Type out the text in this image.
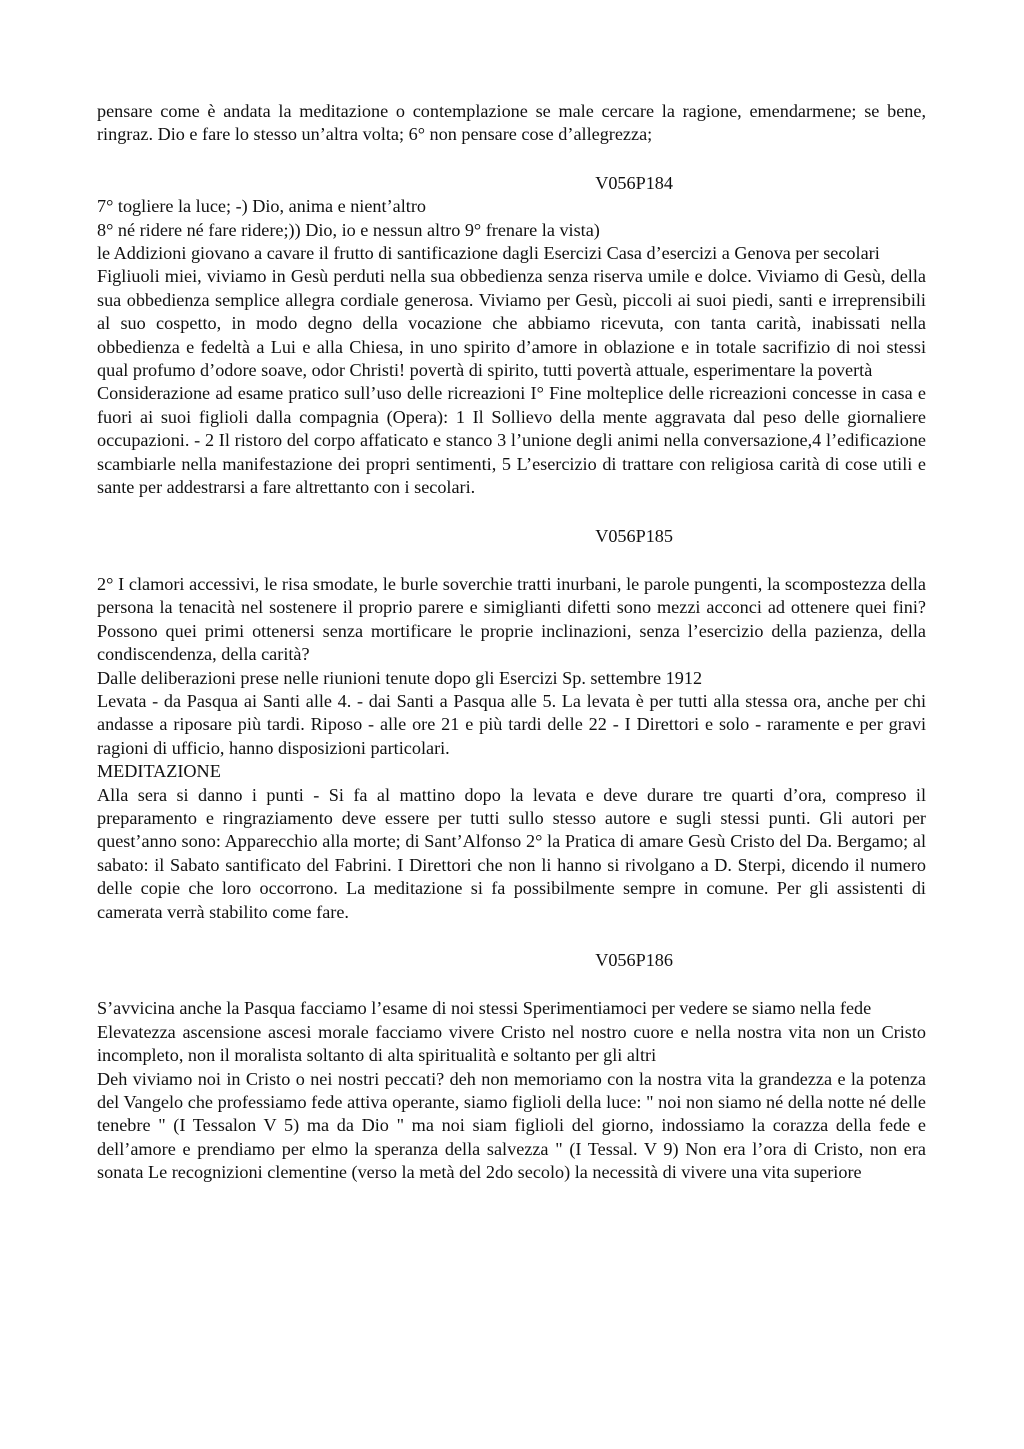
pensare come è andata la meditazione o contemplazione se male cercare la ragione, emendarmene; se bene, ringraz. Dio e fare lo stesso un’altra volta; 6° non pensare cose d’allegrezza;

V056P184

7° togliere la luce; -) Dio, anima e nient’altro

8° né ridere né fare ridere;)) Dio, io e nessun altro 9° frenare la vista)

le Addizioni giovano a cavare il frutto di santificazione dagli Esercizi Casa d’esercizi a Genova per secolari

Figliuoli miei, viviamo in Gesù perduti nella sua obbedienza senza riserva umile e dolce. Viviamo di Gesù, della sua obbedienza semplice allegra cordiale generosa. Viviamo per Gesù, piccoli ai suoi piedi, santi e irreprensibili al suo cospetto, in modo degno della vocazione che abbiamo ricevuta, con tanta carità, inabissati nella obbedienza e fedeltà a Lui e alla Chiesa, in uno spirito d’amore in oblazione e in totale sacrifizio di noi stessi qual profumo d’odore soave, odor Christi! povertà di spirito, tutti povertà attuale, esperimentare la povertà

Considerazione ad esame pratico sull’uso delle ricreazioni I° Fine molteplice delle ricreazioni concesse in casa e fuori ai suoi figlioli dalla compagnia (Opera): 1 Il Sollievo della mente aggravata dal peso delle giornaliere occupazioni. - 2 Il ristoro del corpo affaticato e stanco 3 l’unione degli animi nella conversazione,4 l’edificazione scambiarle nella manifestazione dei propri sentimenti, 5 L’esercizio di trattare con religiosa carità di cose utili e sante per addestrarsi a fare altrettanto con i secolari.

V056P185

2° I clamori accessivi, le risa smodate, le burle soverchie tratti inurbani, le parole pungenti, la scompostezza della persona la tenacità nel sostenere il proprio parere e simiglianti difetti sono mezzi acconci ad ottenere quei fini? Possono quei primi ottenersi senza mortificare le proprie inclinazioni, senza l’esercizio della pazienza, della condiscendenza, della carità?

Dalle deliberazioni prese nelle riunioni tenute dopo gli Esercizi Sp. settembre 1912

Levata - da Pasqua ai Santi alle 4. - dai Santi a Pasqua alle 5. La levata è per tutti alla stessa ora, anche per chi andasse a riposare più tardi. Riposo - alle ore 21 e più tardi delle 22 - I Direttori e solo - raramente e per gravi ragioni di ufficio, hanno disposizioni particolari.

MEDITAZIONE

Alla sera si danno i punti - Si fa al mattino dopo la levata e deve durare tre quarti d’ora, compreso il preparamento e ringraziamento deve essere per tutti sullo stesso autore e sugli stessi punti. Gli autori per quest’anno sono: Apparecchio alla morte; di Sant’Alfonso 2° la Pratica di amare Gesù Cristo del Da. Bergamo; al sabato: il Sabato santificato del Fabrini. I Direttori che non li hanno si rivolgano a D. Sterpi, dicendo il numero delle copie che loro occorrono. La meditazione si fa possibilmente sempre in comune. Per gli assistenti di camerata verrà stabilito come fare.

V056P186

S’avvicina anche la Pasqua facciamo l’esame di noi stessi Sperimentiamoci per vedere se siamo nella fede

Elevatezza ascensione ascesi morale facciamo vivere Cristo nel nostro cuore e nella nostra vita non un Cristo incompleto, non il moralista soltanto di alta spiritualità e soltanto per gli altri

Deh viviamo noi in Cristo o nei nostri peccati? deh non memoriamo con la nostra vita la grandezza e la potenza del Vangelo che professiamo fede attiva operante, siamo figlioli della luce: " noi non siamo né della notte né delle tenebre " (I Tessalon V 5) ma da Dio " ma noi siam figlioli del giorno, indossiamo la corazza della fede e dell’amore e prendiamo per elmo la speranza della salvezza " (I Tessal. V 9) Non era l’ora di Cristo, non era sonata Le recognizioni clementine (verso la metà del 2do secolo) la necessità di vivere una vita superiore
